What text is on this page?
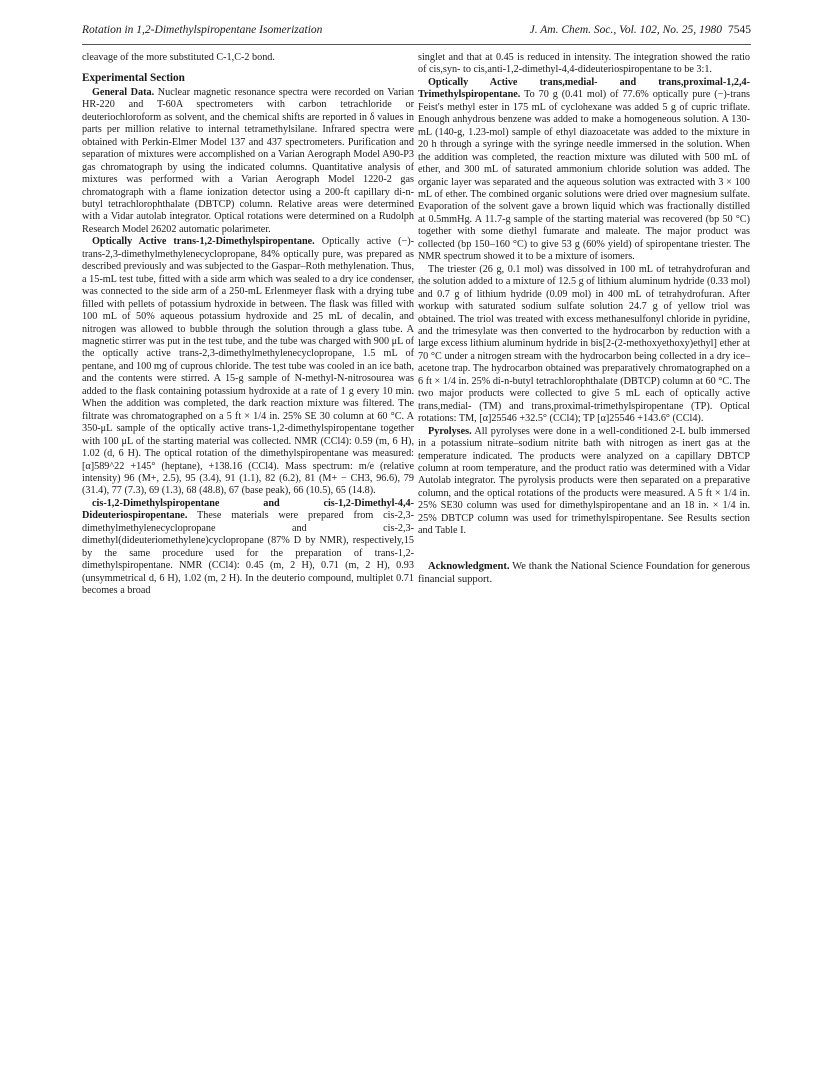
Rotation in 1,2-Dimethylspiropentane Isomerization	J. Am. Chem. Soc., Vol. 102, No. 25, 1980 7545

cleavage of the more substituted C-1,C-2 bond.

Experimental Section

General Data. Nuclear magnetic resonance spectra were recorded on Varian HR-220 and T-60A spectrometers with carbon tetrachloride or deuteriochloroform as solvent, and the chemical shifts are reported in δ values in parts per million relative to internal tetramethylsilane. Infrared spectra were obtained with Perkin-Elmer Model 137 and 437 spectrometers. Purification and separation of mixtures were accomplished on a Varian Aerograph Model A90-P3 gas chromatograph by using the indicated columns. Quantitative analysis of mixtures was performed with a Varian Aerograph Model 1220-2 gas chromatograph with a flame ionization detector using a 200-ft capillary di-n-butyl tetrachlorophthalate (DBTCP) column. Relative areas were determined with a Vidar autolab integrator. Optical rotations were determined on a Rudolph Research Model 26202 automatic polarimeter.

Optically Active trans-1,2-Dimethylspiropentane. Optically active (−)-trans-2,3-dimethylmethylenecyclopropane, 84% optically pure, was prepared as described previously and was subjected to the Gaspar–Roth methylenation. Thus, a 15-mL test tube, fitted with a side arm which was sealed to a dry ice condenser, was connected to the side arm of a 250-mL Erlenmeyer flask with a drying tube filled with pellets of potassium hydroxide in between. The flask was filled with 100 mL of 50% aqueous potassium hydroxide and 25 mL of decalin, and nitrogen was allowed to bubble through the solution through a glass tube. A magnetic stirrer was put in the test tube, and the tube was charged with 900 μL of the optically active trans-2,3-dimethylmethylenecyclopropane, 1.5 mL of pentane, and 100 mg of cuprous chloride. The test tube was cooled in an ice bath, and the contents were stirred. A 15-g sample of N-methyl-N-nitrosourea was added to the flask containing potassium hydroxide at a rate of 1 g every 10 min. When the addition was completed, the dark reaction mixture was filtered. The filtrate was chromatographed on a 5 ft × 1/4 in. 25% SE 30 column at 60 °C. A 350-μL sample of the optically active trans-1,2-dimethylspiropentane together with 100 μL of the starting material was collected. NMR (CCl4): 0.59 (m, 6 H), 1.02 (d, 6 H). The optical rotation of the dimethylspiropentane was measured: [α]589^22 +145° (heptane), +138.16 (CCl4). Mass spectrum: m/e (relative intensity) 96 (M+, 2.5), 95 (3.4), 91 (1.1), 82 (6.2), 81 (M+ − CH3, 96.6), 79 (31.4), 77 (7.3), 69 (1.3), 68 (48.8), 67 (base peak), 66 (10.5), 65 (14.8).

cis-1,2-Dimethylspiropentane and cis-1,2-Dimethyl-4,4-Dideuteriospiropentane. These materials were prepared from cis-2,3-dimethylmethylenecyclopropane and cis-2,3-dimethyl(dideuteriomethylene)cyclopropane (87% D by NMR), respectively,15 by the same procedure used for the preparation of trans-1,2-dimethylspiropentane. NMR (CCl4): 0.45 (m, 2 H), 0.71 (m, 2 H), 0.93 (unsymmetrical d, 6 H), 1.02 (m, 2 H). In the deuterio compound, multiplet 0.71 becomes a broad

singlet and that at 0.45 is reduced in intensity. The integration showed the ratio of cis,syn- to cis,anti-1,2-dimethyl-4,4-dideuteriospiropentane to be 3:1.

Optically Active trans,medial- and trans,proximal-1,2,4-Trimethylspiropentane. To 70 g (0.41 mol) of 77.6% optically pure (−)-trans Feist's methyl ester in 175 mL of cyclohexane was added 5 g of cupric triflate. Enough anhydrous benzene was added to make a homogeneous solution. A 130-mL (140-g, 1.23-mol) sample of ethyl diazoacetate was added to the mixture in 20 h through a syringe with the syringe needle immersed in the solution. When the addition was completed, the reaction mixture was diluted with 500 mL of ether, and 300 mL of saturated ammonium chloride solution was added. The organic layer was separated and the aqueous solution was extracted with 3 × 100 mL of ether. The combined organic solutions were dried over magnesium sulfate. Evaporation of the solvent gave a brown liquid which was fractionally distilled at 0.5mmHg. A 11.7-g sample of the starting material was recovered (bp 50 °C) together with some diethyl fumarate and maleate. The major product was collected (bp 150–160 °C) to give 53 g (60% yield) of spiropentane triester. The NMR spectrum showed it to be a mixture of isomers.

The triester (26 g, 0.1 mol) was dissolved in 100 mL of tetrahydrofuran and the solution added to a mixture of 12.5 g of lithium aluminum hydride (0.33 mol) and 0.7 g of lithium hydride (0.09 mol) in 400 mL of tetrahydrofuran. After workup with saturated sodium sulfate solution 24.7 g of yellow triol was obtained. The triol was treated with excess methanesulfonyl chloride in pyridine, and the trimesylate was then converted to the hydrocarbon by reduction with a large excess lithium aluminum hydride in bis[2-(2-methoxyethoxy)ethyl] ether at 70 °C under a nitrogen stream with the hydrocarbon being collected in a dry ice–acetone trap. The hydrocarbon obtained was preparatively chromatographed on a 6 ft × 1/4 in. 25% di-n-butyl tetrachlorophthalate (DBTCP) column at 60 °C. The two major products were collected to give 5 mL each of optically active trans,medial- (TM) and trans,proximal-trimethylspiropentane (TP). Optical rotations: TM, [α]25546 +32.5° (CCl4); TP [α]25546 +143.6° (CCl4).

Pyrolyses. All pyrolyses were done in a well-conditioned 2-L bulb immersed in a potassium nitrate–sodium nitrite bath with nitrogen as inert gas at the temperature indicated. The products were analyzed on a capillary DBTCP column at room temperature, and the product ratio was determined with a Vidar Autolab integrator. The pyrolysis products were then separated on a preparative column, and the optical rotations of the products were measured. A 5 ft × 1/4 in. 25% SE30 column was used for dimethylspiropentane and an 18 in. × 1/4 in. 25% DBTCP column was used for trimethylspiropentane. See Results section and Table I.

Acknowledgment. We thank the National Science Foundation for generous financial support.
